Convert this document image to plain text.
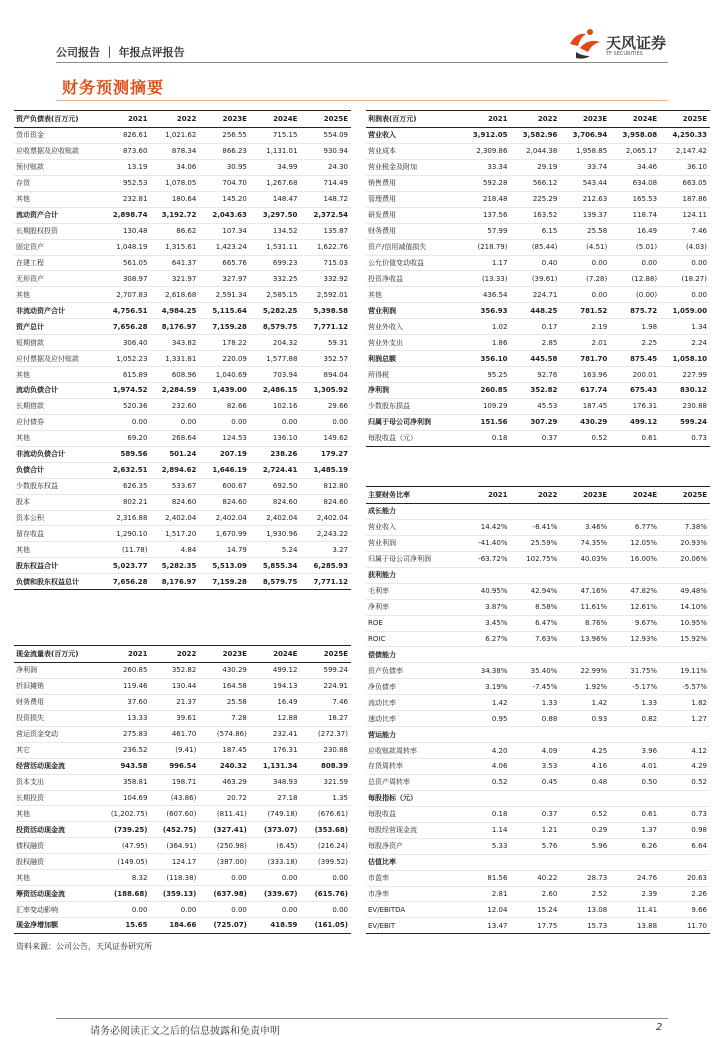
公司报告 ｜ 年报点评报告
天风证券
TF SECURITIES
财务预测摘要
资产负债表(百万元)	2021	2022	2023E	2024E	2025E
货币资金	826.61	1,021.62	256.55	715.15	554.09
应收票据及应收账款	873.60	878.34	866.23	1,131.01	930.94
预付账款	13.19	34.06	30.95	34.99	24.30
存货	952.53	1,078.05	704.70	1,267.68	714.49
其他	232.81	180.64	145.20	148.47	148.72
流动资产合计	2,898.74	3,192.72	2,043.63	3,297.50	2,372.54
长期股权投资	130.48	86.62	107.34	134.52	135.87
固定资产	1,048.19	1,315.61	1,423.24	1,531.11	1,622.76
在建工程	561.05	641.37	665.76	699.23	715.03
无形资产	308.97	321.97	327.97	332.25	332.92
其他	2,707.83	2,618.68	2,591.34	2,585.15	2,592.01
非流动资产合计	4,756.51	4,984.25	5,115.64	5,282.25	5,398.58
资产总计	7,656.28	8,176.97	7,159.28	8,579.75	7,771.12
短期借款	306.40	343.82	178.22	204.32	59.31
应付票据及应付账款	1,052.23	1,331.81	220.09	1,577.88	352.57
其他	615.89	608.96	1,040.69	703.94	894.04
流动负债合计	1,974.52	2,284.59	1,439.00	2,486.15	1,305.92
长期借款	520.36	232.60	82.66	102.16	29.66
应付债券	0.00	0.00	0.00	0.00	0.00
其他	69.20	268.64	124.53	136.10	149.62
非流动负债合计	589.56	501.24	207.19	238.26	179.27
负债合计	2,632.51	2,894.62	1,646.19	2,724.41	1,485.19
少数股东权益	626.35	533.67	600.67	692.50	812.80
股本	802.21	824.60	824.60	824.60	824.60
资本公积	2,316.88	2,402.04	2,402.04	2,402.04	2,402.04
留存收益	1,290.10	1,517.20	1,670.99	1,930.96	2,243.22
其他	(11.78)	4.84	14.79	5.24	3.27
股东权益合计	5,023.77	5,282.35	5,513.09	5,855.34	6,285.93
负债和股东权益总计	7,656.28	8,176.97	7,159.28	8,579.75	7,771.12
利润表(百万元)	2021	2022	2023E	2024E	2025E
营业收入	3,912.05	3,582.96	3,706.94	3,958.08	4,250.33
营业成本	2,309.86	2,044.38	1,958.85	2,065.17	2,147.42
营业税金及附加	33.34	29.19	33.74	34.46	36.10
销售费用	592.28	566.12	543.44	634.08	663.05
管理费用	218.48	225.29	212.63	165.53	187.86
研发费用	137.56	163.52	139.37	118.74	124.11
财务费用	57.99	6.15	25.58	16.49	7.46
资产/信用减值损失	(218.79)	(85.44)	(4.51)	(5.01)	(4.03)
公允价值变动收益	1.17	0.40	0.00	0.00	0.00
投资净收益	(13.33)	(39.61)	(7.28)	(12.88)	(18.27)
其他	436.54	224.71	0.00	(0.00)	0.00
营业利润	356.93	448.25	781.52	875.72	1,059.00
营业外收入	1.02	0.17	2.19	1.98	1.34
营业外支出	1.86	2.85	2.01	2.25	2.24
利润总额	356.10	445.58	781.70	875.45	1,058.10
所得税	95.25	92.76	163.96	200.01	227.99
净利润	260.85	352.82	617.74	675.43	830.12
少数股东损益	109.29	45.53	187.45	176.31	230.88
归属于母公司净利润	151.56	307.29	430.29	499.12	599.24
每股收益（元）	0.18	0.37	0.52	0.61	0.73
主要财务比率	2021	2022	2023E	2024E	2025E
成长能力					
营业收入	14.42%	-8.41%	3.46%	6.77%	7.38%
营业利润	-41.40%	25.59%	74.35%	12.05%	20.93%
归属于母公司净利润	-63.72%	102.75%	40.03%	16.00%	20.06%
获利能力					
毛利率	40.95%	42.94%	47.16%	47.82%	49.48%
净利率	3.87%	8.58%	11.61%	12.61%	14.10%
ROE	3.45%	6.47%	8.76%	9.67%	10.95%
ROIC	6.27%	7.63%	13.96%	12.93%	15.92%
偿债能力					
资产负债率	34.38%	35.40%	22.99%	31.75%	19.11%
净负债率	3.19%	-7.45%	1.92%	-5.17%	-5.57%
流动比率	1.42	1.33	1.42	1.33	1.82
速动比率	0.95	0.88	0.93	0.82	1.27
营运能力					
应收账款周转率	4.20	4.09	4.25	3.96	4.12
存货周转率	4.06	3.53	4.16	4.01	4.29
总资产周转率	0.52	0.45	0.48	0.50	0.52
每股指标（元）					
每股收益	0.18	0.37	0.52	0.61	0.73
每股经营现金流	1.14	1.21	0.29	1.37	0.98
每股净资产	5.33	5.76	5.96	6.26	6.64
估值比率					
市盈率	81.56	40.22	28.73	24.76	20.63
市净率	2.81	2.60	2.52	2.39	2.26
EV/EBITDA	12.04	15.24	13.08	11.41	9.66
EV/EBIT	13.47	17.75	15.73	13.88	11.70
现金流量表(百万元)	2021	2022	2023E	2024E	2025E
净利润	260.85	352.82	430.29	499.12	599.24
折旧摊销	119.46	130.44	164.58	194.13	224.91
财务费用	37.60	21.37	25.58	16.49	7.46
投资损失	13.33	39.61	7.28	12.88	18.27
营运资金变动	275.83	461.70	(574.86)	232.41	(272.37)
其它	236.52	(9.41)	187.45	176.31	230.88
经营活动现金流	943.58	996.54	240.32	1,131.34	808.39
资本支出	358.81	198.71	463.29	348.93	321.59
长期投资	104.69	(43.86)	20.72	27.18	1.35
其他	(1,202.75)	(607.60)	(811.41)	(749.18)	(676.61)
投资活动现金流	(739.25)	(452.75)	(327.41)	(373.07)	(353.68)
债权融资	(47.95)	(364.91)	(250.98)	(6.45)	(216.24)
股权融资	(149.05)	124.17	(387.00)	(333.18)	(399.52)
其他	8.32	(118.38)	0.00	0.00	0.00
筹资活动现金流	(188.68)	(359.13)	(637.98)	(339.67)	(615.76)
汇率变动影响	0.00	0.00	0.00	0.00	0.00
现金净增加额	15.65	184.66	(725.07)	418.59	(161.05)
资料来源：公司公告，天风证券研究所
请务必阅读正文之后的信息披露和免责申明	2
